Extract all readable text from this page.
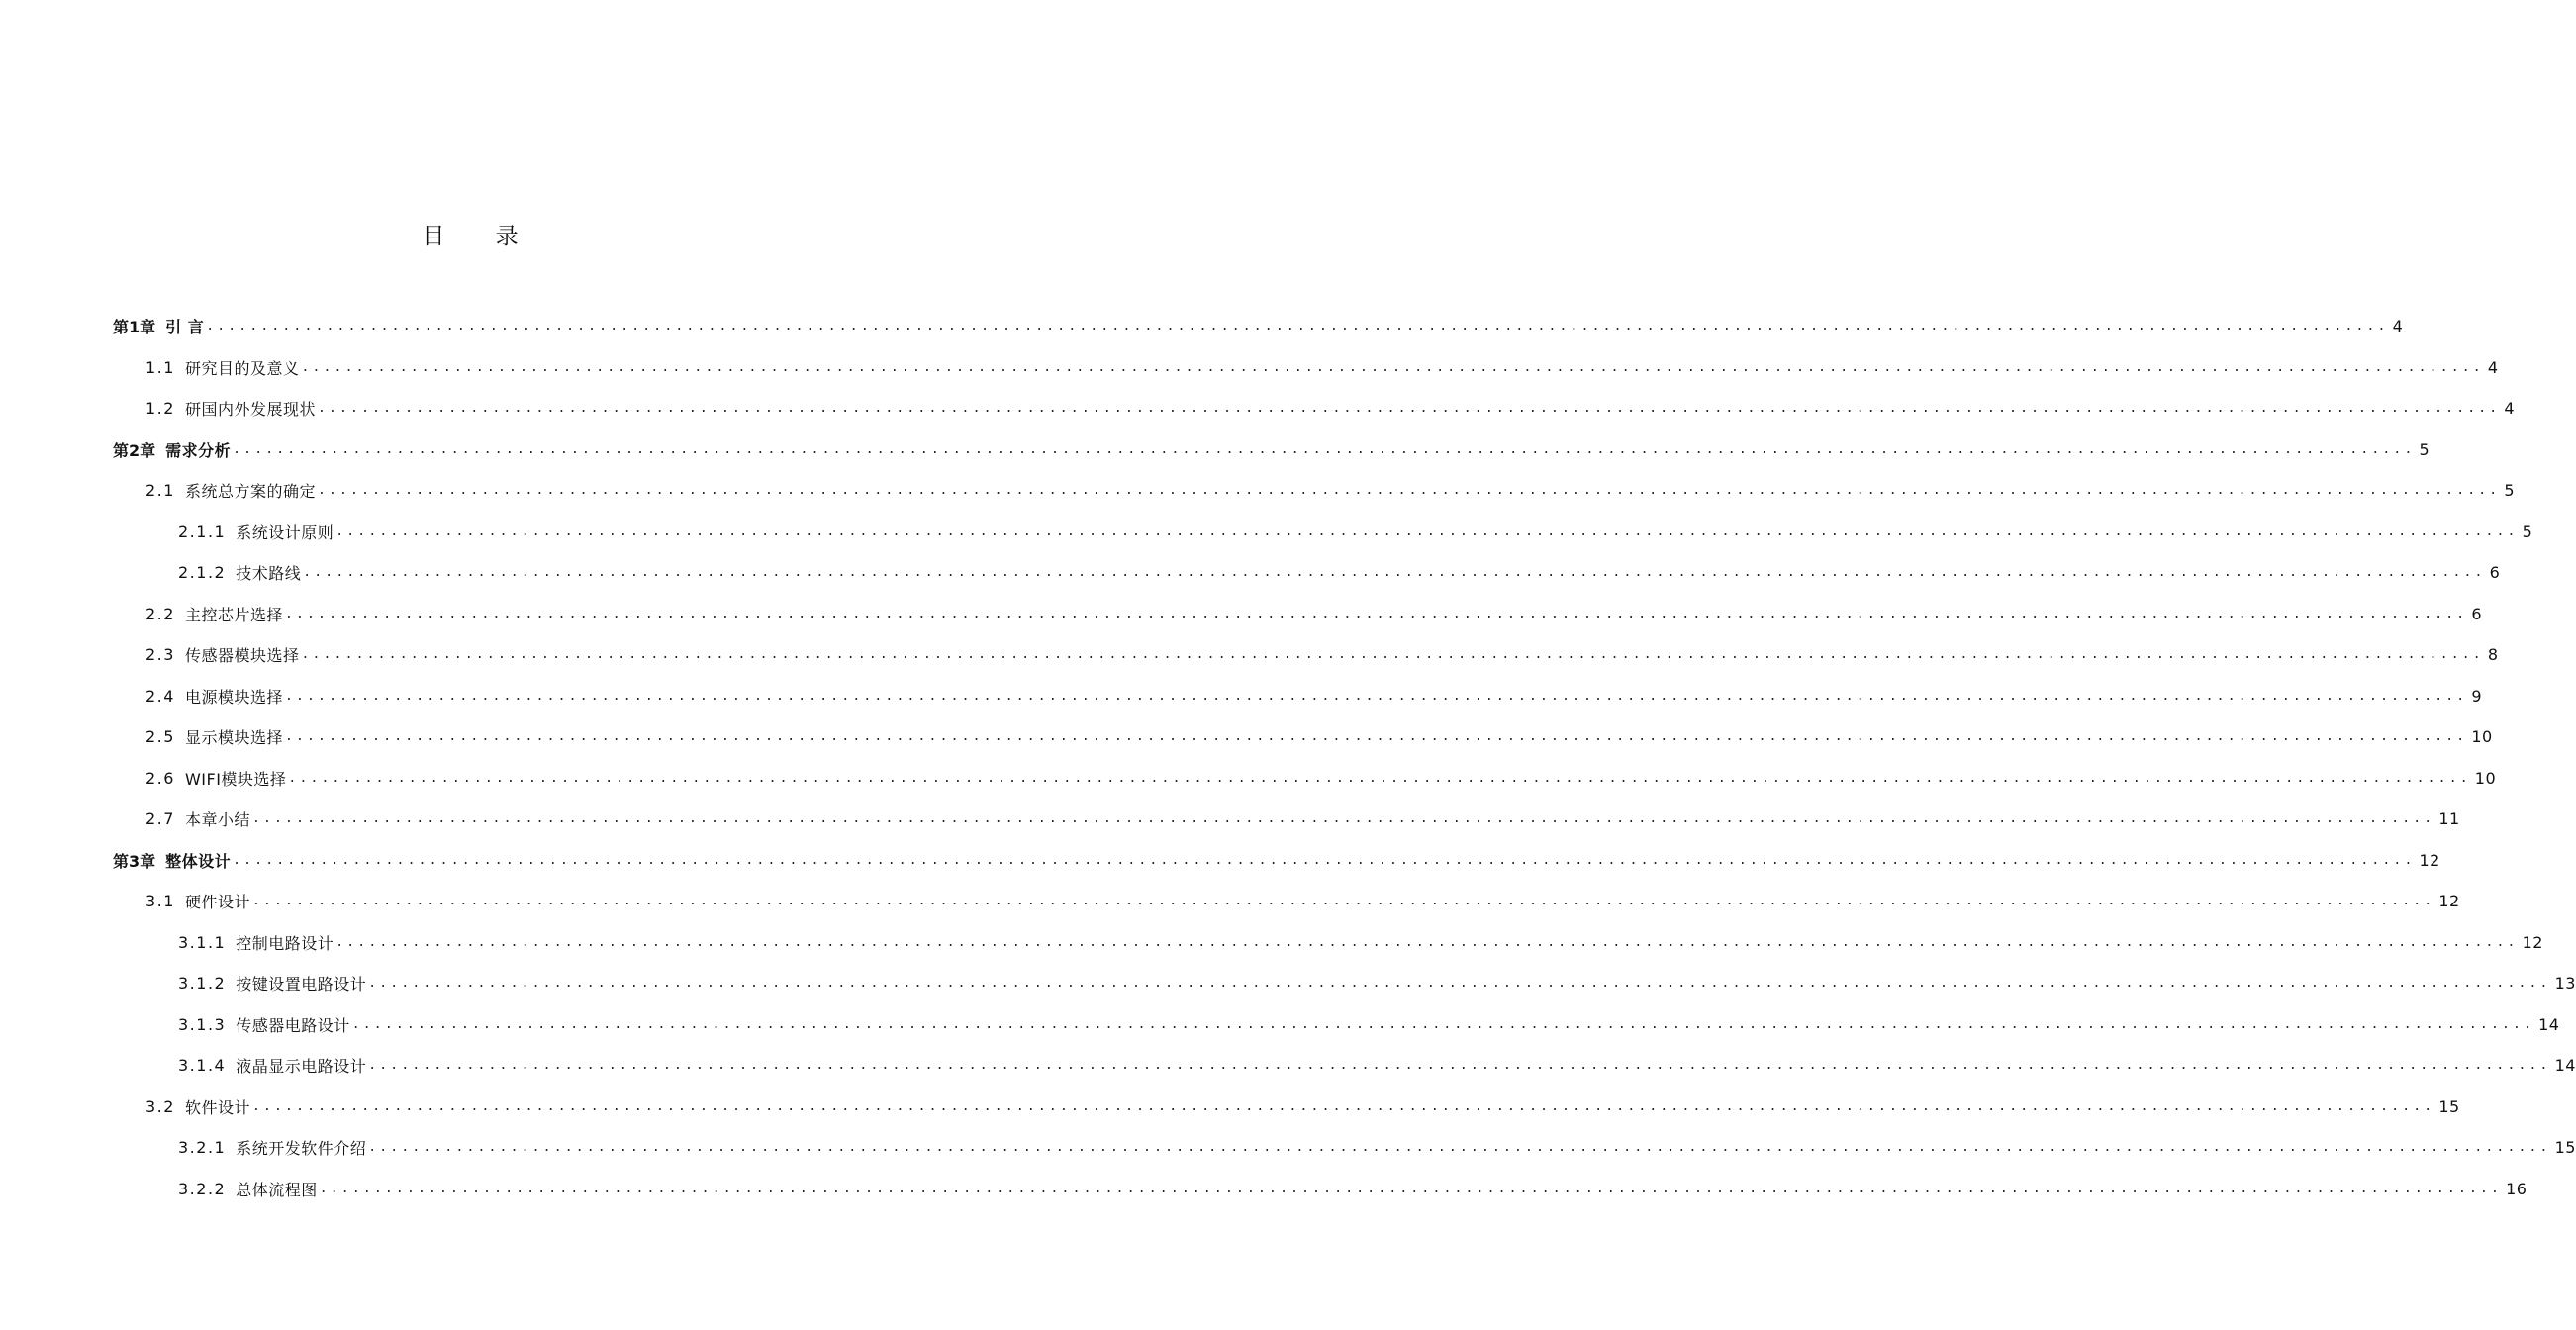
目 录
第1章 引 言 ........................................................................................................................................................................................................ 4
1.1 研究目的及意义 ........................................................................................................................................................................................................ 4
1.2 研国内外发展现状 ........................................................................................................................................................................................................ 4
第2章 需求分析 ........................................................................................................................................................................................................ 5
2.1 系统总方案的确定 ........................................................................................................................................................................................................ 5
2.1.1 系统设计原则 ........................................................................................................................................................................................................ 5
2.1.2 技术路线 ........................................................................................................................................................................................................ 6
2.2 主控芯片选择 ........................................................................................................................................................................................................ 6
2.3 传感器模块选择 ........................................................................................................................................................................................................ 8
2.4 电源模块选择 ........................................................................................................................................................................................................ 9
2.5 显示模块选择 ........................................................................................................................................................................................................ 10
2.6 WIFI模块选择 ........................................................................................................................................................................................................ 10
2.7 本章小结 ........................................................................................................................................................................................................ 11
第3章 整体设计 ........................................................................................................................................................................................................ 12
3.1 硬件设计 ........................................................................................................................................................................................................ 12
3.1.1 控制电路设计 ........................................................................................................................................................................................................ 12
3.1.2 按键设置电路设计 ........................................................................................................................................................................................................ 13
3.1.3 传感器电路设计 ........................................................................................................................................................................................................ 14
3.1.4 液晶显示电路设计 ........................................................................................................................................................................................................ 14
3.2 软件设计 ........................................................................................................................................................................................................ 15
3.2.1 系统开发软件介绍 ........................................................................................................................................................................................................ 15
3.2.2 总体流程图 ........................................................................................................................................................................................................ 16
